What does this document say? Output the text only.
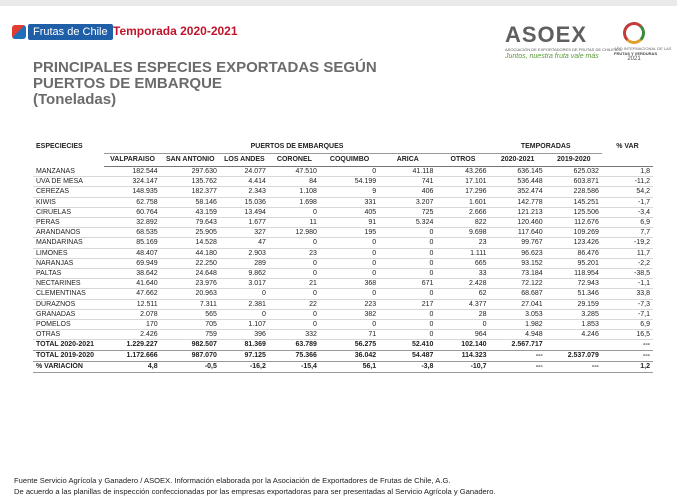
Frutas de Chile Temporada 2020-2021
PRINCIPALES ESPECIES EXPORTADAS SEGÚN
PUERTOS DE EMBARQUE
(Toneladas)
ASOEX
ASOCIACIÓN DE EXPORTADORES DE FRUTAS DE CHILE A.G.
Juntos, nuestra fruta vale más
AÑO INTERNACIONAL DE LAS
FRUTAS Y VERDURAS
2021
ESPECIECIES	PUERTOS DE EMBARQUES							TEMPORADAS		% VAR
	VALPARAISO	SAN ANTONIO	LOS ANDES	CORONEL	COQUIMBO	ARICA	OTROS	2020-2021	2019-2020	
MANZANAS	182.544	297.630	24.077	47.510	0	41.118	43.266	636.145	625.032	1,8
UVA DE MESA	324.147	135.762	4.414	84	54.199	741	17.101	536.448	603.871	-11,2
CEREZAS	148.935	182.377	2.343	1.108	9	406	17.296	352.474	228.586	54,2
KIWIS	62.758	58.146	15.036	1.698	331	3.207	1.601	142.778	145.251	-1,7
CIRUELAS	60.764	43.159	13.494	0	405	725	2.666	121.213	125.506	-3,4
PERAS	32.892	79.643	1.677	11	91	5.324	822	120.460	112.676	6,9
ARANDANOS	68.535	25.905	327	12.980	195	0	9.698	117.640	109.269	7,7
MANDARINAS	85.169	14.528	47	0	0	0	23	99.767	123.426	-19,2
LIMONES	48.407	44.180	2.903	23	0	0	1.111	96.623	86.476	11,7
NARANJAS	69.949	22.250	289	0	0	0	665	93.152	95.201	-2,2
PALTAS	38.642	24.648	9.862	0	0	0	33	73.184	118.954	-38,5
NECTARINES	41.640	23.976	3.017	21	368	671	2.428	72.122	72.943	-1,1
CLEMENTINAS	47.662	20.963	0	0	0	0	62	68.687	51.346	33,8
DURAZNOS	12.511	7.311	2.381	22	223	217	4.377	27.041	29.159	-7,3
GRANADAS	2.078	565	0	0	382	0	28	3.053	3.285	-7,1
POMELOS	170	705	1.107	0	0	0	0	1.982	1.853	6,9
OTRAS	2.426	759	396	332	71	0	964	4.948	4.246	16,5
TOTAL 2020-2021	1.229.227	982.507	81.369	63.789	56.275	52.410	102.140	2.567.717		---
TOTAL 2019-2020	1.172.666	987.070	97.125	75.366	36.042	54.487	114.323	---	2.537.079	---
% VARIACIÓN	4,8	-0,5	-16,2	-15,4	56,1	-3,8	-10,7	---	---	1,2
Fuente Servicio Agrícola y Ganadero / ASOEX. Información elaborada por la Asociación de Exportadores de Frutas de Chile, A.G.
De acuerdo a las planillas de inspección confeccionadas por las empresas exportadoras para ser presentadas al Servicio Agrícola y Ganadero.
